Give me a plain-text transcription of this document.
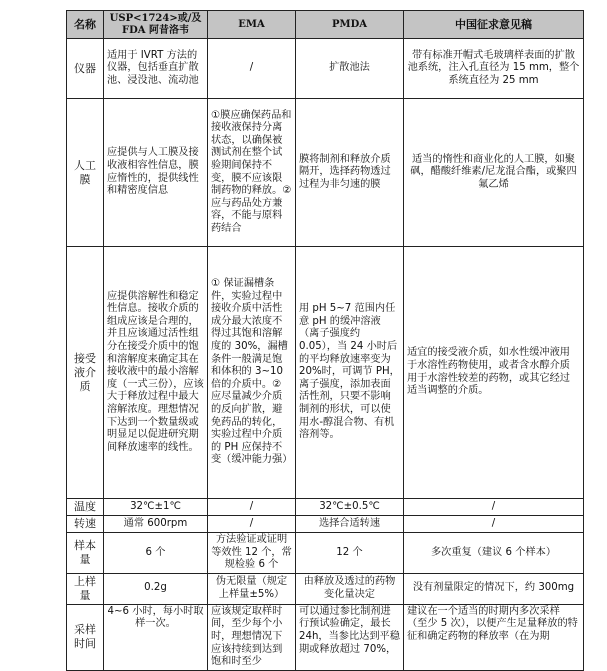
名称	USP<1724>或/及FDA 阿昔洛韦	EMA	PMDA	中国征求意见稿
仪器	适用于 IVRT 方法的仪器，包括垂直扩散池、浸没池、流动池	/	扩散池法	带有标准开帽式毛玻璃样表面的扩散池系统，注入孔直径为 15 mm，整个系统直径为 25 mm
人工膜	应提供与人工膜及接收液相容性信息，膜应惰性的，提供线性和精密度信息	①膜应确保药品和接收液保持分离状态，以确保被测试剂在整个试验期间保持不变，膜不应该限制药物的释放。②应与药品处方兼容，不能与原料药结合	膜将制剂和释放介质隔开，选择药物透过过程为非匀速的膜	适当的惰性和商业化的人工膜，如聚砜，醋酸纤维素/尼龙混合酯，或聚四氟乙烯
接受液介质	应提供溶解性和稳定性信息。接收介质的组成应该是合理的，并且应该通过活性组分在接受介质中的饱和溶解度来确定其在接收液中的最小溶解度（一式三份），应该大于释放过程中最大溶解浓度。理想情况下达到一个数量级或明显足以促进研究期间释放速率的线性。	① 保证漏槽条件，实验过程中接收介质中活性成分最大浓度不得过其饱和溶解度的 30%，漏槽条件一般满足饱和体积的 3~10 倍的介质中。② 应尽量减少介质的反向扩散，避免药品的转化，实验过程中介质的 PH 应保持不变（缓冲能力强）	用 pH 5~7 范围内任意 pH 的缓冲溶液（离子强度约 0.05），当 24 小时后的平均释放速率变为 20%时，可调节 PH，离子强度，添加表面活性剂，只要不影响制剂的形状，可以使用水-醇混合物、有机溶剂等。	适宜的接受液介质，如水性缓冲液用于水溶性药物使用，或者含水醇介质用于水溶性较差的药物，或其它经过适当调整的介质。
温度	32℃±1℃	/	32℃±0.5℃	/
转速	通常 600rpm	/	选择合适转速	/
样本量	6 个	方法验证或证明等效性 12 个，常规检验 6 个	12 个	多次重复（建议 6 个样本）
上样量	0.2g	伪无限量（规定上样量±5%）	由释放及透过的药物变化量决定	没有剂量限定的情况下，约 300mg
采样时间	4~6 小时，每小时取样一次。	应该规定取样时间，至少每个小时，理想情况下应该持续到达到饱和时至少	可以通过参比制剂进行预试验确定，最长 24h，当参比达到平稳期或释放超过 70%，	建议在一个适当的时期内多次采样（至少 5 次），以便产生足量释放的特征和确定药物的释放率（在为期
